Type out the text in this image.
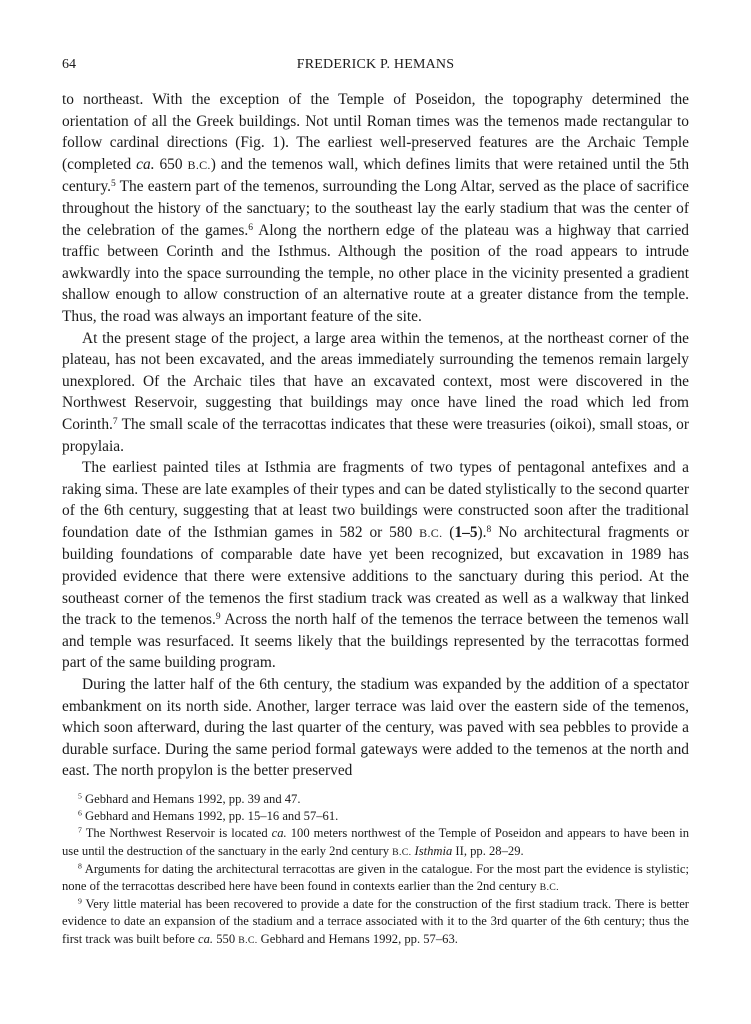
64	FREDERICK P. HEMANS

to northeast. With the exception of the Temple of Poseidon, the topography determined the orientation of all the Greek buildings. Not until Roman times was the temenos made rectangular to follow cardinal directions (Fig. 1). The earliest well-preserved features are the Archaic Temple (completed ca. 650 B.C.) and the temenos wall, which defines limits that were retained until the 5th century.$^5$ The eastern part of the temenos, surrounding the Long Altar, served as the place of sacrifice throughout the history of the sanctuary; to the southeast lay the early stadium that was the center of the celebration of the games.$^6$ Along the northern edge of the plateau was a highway that carried traffic between Corinth and the Isthmus. Although the position of the road appears to intrude awkwardly into the space surrounding the temple, no other place in the vicinity presented a gradient shallow enough to allow construction of an alternative route at a greater distance from the temple. Thus, the road was always an important feature of the site.

At the present stage of the project, a large area within the temenos, at the northeast corner of the plateau, has not been excavated, and the areas immediately surrounding the temenos remain largely unexplored. Of the Archaic tiles that have an excavated context, most were discovered in the Northwest Reservoir, suggesting that buildings may once have lined the road which led from Corinth.$^7$ The small scale of the terracottas indicates that these were treasuries (oikoi), small stoas, or propylaia.

The earliest painted tiles at Isthmia are fragments of two types of pentagonal antefixes and a raking sima. These are late examples of their types and can be dated stylistically to the second quarter of the 6th century, suggesting that at least two buildings were constructed soon after the traditional foundation date of the Isthmian games in 582 or 580 B.C. (1–5).$^8$ No architectural fragments or building foundations of comparable date have yet been recognized, but excavation in 1989 has provided evidence that there were extensive additions to the sanctuary during this period. At the southeast corner of the temenos the first stadium track was created as well as a walkway that linked the track to the temenos.$^9$ Across the north half of the temenos the terrace between the temenos wall and temple was resurfaced. It seems likely that the buildings represented by the terracottas formed part of the same building program.

During the latter half of the 6th century, the stadium was expanded by the addition of a spectator embankment on its north side. Another, larger terrace was laid over the eastern side of the temenos, which soon afterward, during the last quarter of the century, was paved with sea pebbles to provide a durable surface. During the same period formal gateways were added to the temenos at the north and east. The north propylon is the better preserved

$^5$ Gebhard and Hemans 1992, pp. 39 and 47.

$^6$ Gebhard and Hemans 1992, pp. 15–16 and 57–61.

$^7$ The Northwest Reservoir is located ca. 100 meters northwest of the Temple of Poseidon and appears to have been in use until the destruction of the sanctuary in the early 2nd century B.C. Isthmia II, pp. 28–29.

$^8$ Arguments for dating the architectural terracottas are given in the catalogue. For the most part the evidence is stylistic; none of the terracottas described here have been found in contexts earlier than the 2nd century B.C.

$^9$ Very little material has been recovered to provide a date for the construction of the first stadium track. There is better evidence to date an expansion of the stadium and a terrace associated with it to the 3rd quarter of the 6th century; thus the first track was built before ca. 550 B.C. Gebhard and Hemans 1992, pp. 57–63.
